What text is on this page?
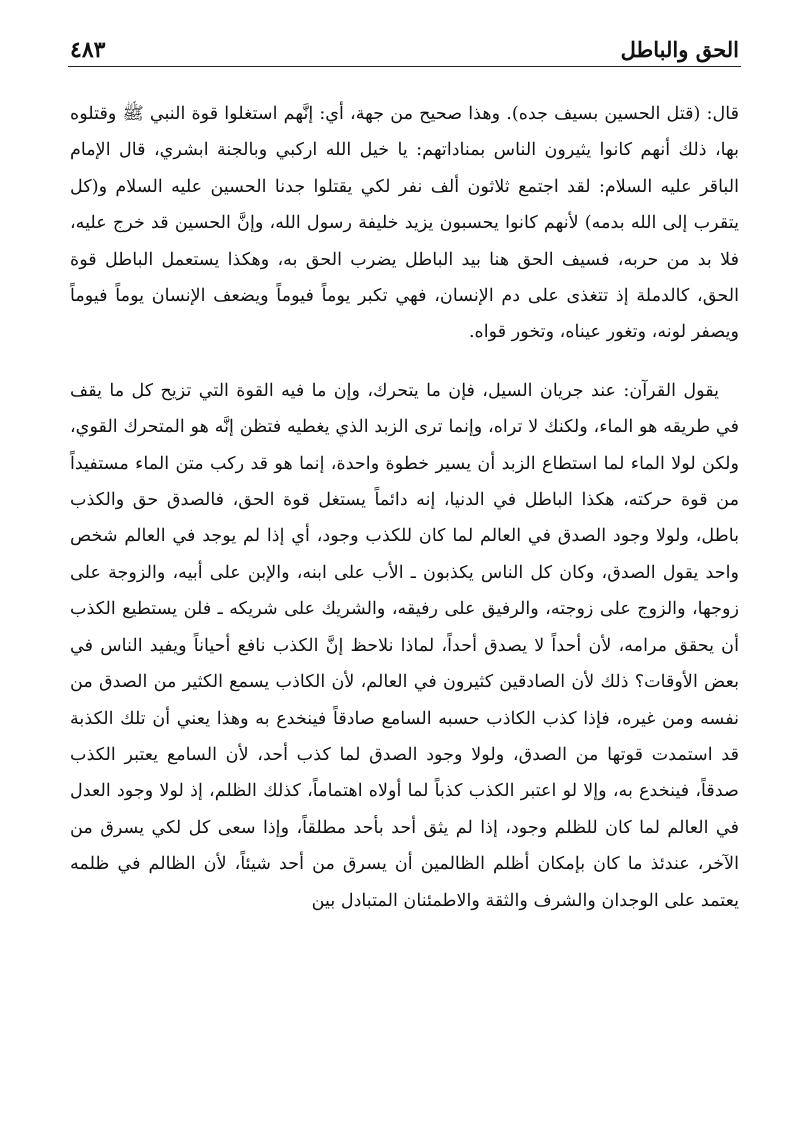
الحق والباطل
٤٨٣

قال: (قتل الحسين بسيف جده). وهذا صحيح من جهة، أي: إنَّهم استغلوا قوة النبي ﷺ وقتلوه بها، ذلك أنهم كانوا يثيرون الناس بمناداتهم: يا خيل الله اركبي وبالجنة ابشري، قال الإمام الباقر عليه السلام: لقد اجتمع ثلاثون ألف نفر لكي يقتلوا جدنا الحسين عليه السلام و(كل يتقرب إلى الله بدمه) لأنهم كانوا يحسبون يزيد خليفة رسول الله، وإنَّ الحسين قد خرج عليه، فلا بد من حربه، فسيف الحق هنا بيد الباطل يضرب الحق به، وهكذا يستعمل الباطل قوة الحق، كالدملة إذ تتغذى على دم الإنسان، فهي تكبر يوماً فيوماً ويضعف الإنسان يوماً فيوماً ويصفر لونه، وتغور عيناه، وتخور قواه.

يقول القرآن: عند جريان السيل، فإن ما يتحرك، وإن ما فيه القوة التي تزيح كل ما يقف في طريقه هو الماء، ولكنك لا تراه، وإنما ترى الزبد الذي يغطيه فتظن إنَّه هو المتحرك القوي، ولكن لولا الماء لما استطاع الزبد أن يسير خطوة واحدة، إنما هو قد ركب متن الماء مستفيداً من قوة حركته، هكذا الباطل في الدنيا، إنه دائماً يستغل قوة الحق، فالصدق حق والكذب باطل، ولولا وجود الصدق في العالم لما كان للكذب وجود، أي إذا لم يوجد في العالم شخص واحد يقول الصدق، وكان كل الناس يكذبون ـ الأب على ابنه، والإبن على أبيه، والزوجة على زوجها، والزوج على زوجته، والرفيق على رفيقه، والشريك على شريكه ـ فلن يستطيع الكذب أن يحقق مرامه، لأن أحداً لا يصدق أحداً، لماذا نلاحظ إنَّ الكذب نافع أحياناً ويفيد الناس في بعض الأوقات؟ ذلك لأن الصادقين كثيرون في العالم، لأن الكاذب يسمع الكثير من الصدق من نفسه ومن غيره، فإذا كذب الكاذب حسبه السامع صادقاً فينخدع به وهذا يعني أن تلك الكذبة قد استمدت قوتها من الصدق، ولولا وجود الصدق لما كذب أحد، لأن السامع يعتبر الكذب صدقاً، فينخدع به، وإلا لو اعتبر الكذب كذباً لما أولاه اهتماماً، كذلك الظلم، إذ لولا وجود العدل في العالم لما كان للظلم وجود، إذا لم يثق أحد بأحد مطلقاً، وإذا سعى كل لكي يسرق من الآخر، عندئذ ما كان بإمكان أظلم الظالمين أن يسرق من أحد شيئاً، لأن الظالم في ظلمه يعتمد على الوجدان والشرف والثقة والاطمئنان المتبادل بين
